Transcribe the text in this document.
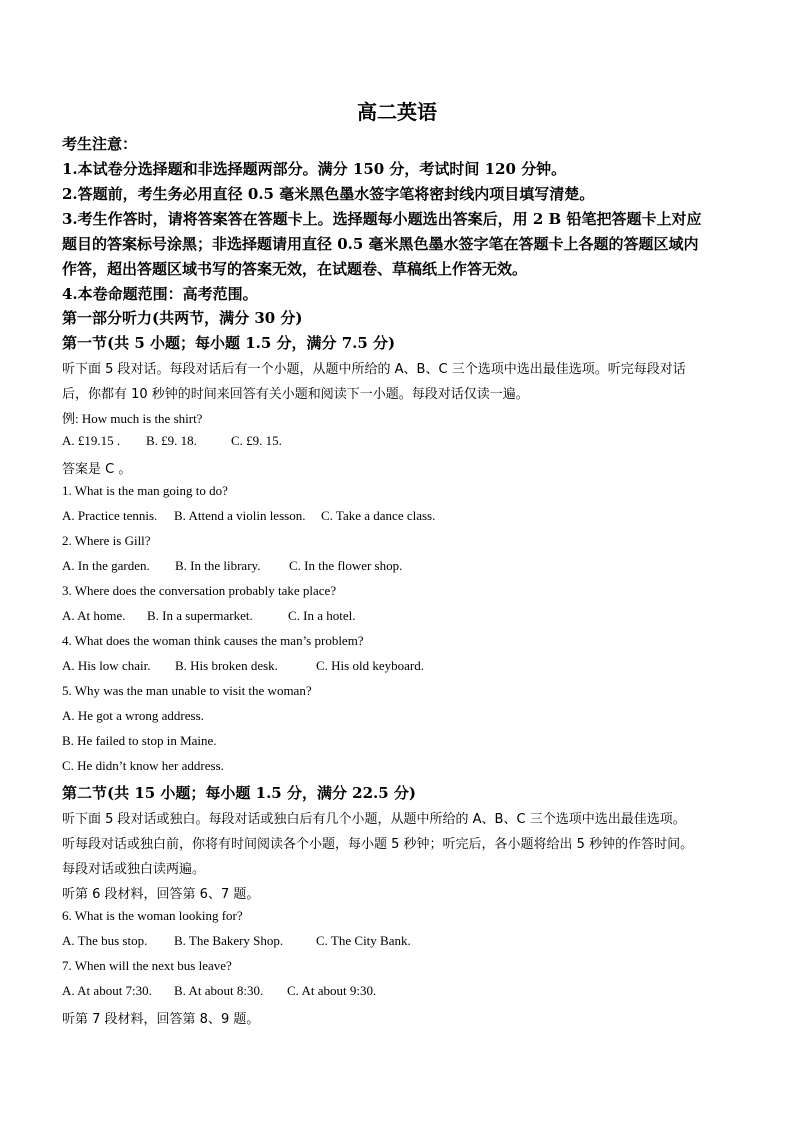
高二英语
考生注意：
1.本试卷分选择题和非选择题两部分。满分 150 分，考试时间 120 分钟。
2.答题前，考生务必用直径 0.5 毫米黑色墨水签字笔将密封线内项目填写清楚。
3.考生作答时，请将答案答在答题卡上。选择题每小题选出答案后，用 2 B 铅笔把答题卡上对应
题目的答案标号涂黑；非选择题请用直径 0.5 毫米黑色墨水签字笔在答题卡上各题的答题区域内
作答，超出答题区域书写的答案无效，在试题卷、草稿纸上作答无效。
4.本卷命题范围：高考范围。
第一部分听力(共两节，满分 30 分)
第一节(共 5 小题；每小题 1.5 分，满分 7.5 分)
听下面 5 段对话。每段对话后有一个小题，从题中所给的 A、B、C 三个选项中选出最佳选项。听完每段对话
后，你都有 10 秒钟的时间来回答有关小题和阅读下一小题。每段对话仅读一遍。
例: How much is the shirt?
A. £19.15 . B. £9. 18.	C. £9. 15.
答案是 C 。
1. What is the man going to do?
A. Practice tennis. B. Attend a violin lesson. C. Take a dance class.
2. Where is Gill?
A. In the garden. B. In the library. C. In the flower shop.
3. Where does the conversation probably take place?
A. At home. B. In a supermarket.	C. In a hotel.
4. What does the woman think causes the man’s problem?
A. His low chair. B. His broken desk.	C. His old keyboard.
5. Why was the man unable to visit the woman?
A. He got a wrong address.
B. He failed to stop in Maine.
C. He didn’t know her address.
第二节(共 15 小题；每小题 1.5 分，满分 22.5 分)
听下面 5 段对话或独白。每段对话或独白后有几个小题，从题中所给的 A、B、C 三个选项中选出最佳选项。
听每段对话或独白前，你将有时间阅读各个小题，每小题 5 秒钟；听完后，各小题将给出 5 秒钟的作答时间。
每段对话或独白读两遍。
听第 6 段材料，回答第 6、7 题。
6. What is the woman looking for?
A. The bus stop. B. The Bakery Shop.	C. The City Bank.
7. When will the next bus leave?
A. At about 7:30. B. At about 8:30. C. At about 9:30.
听第 7 段材料，回答第 8、9 题。
